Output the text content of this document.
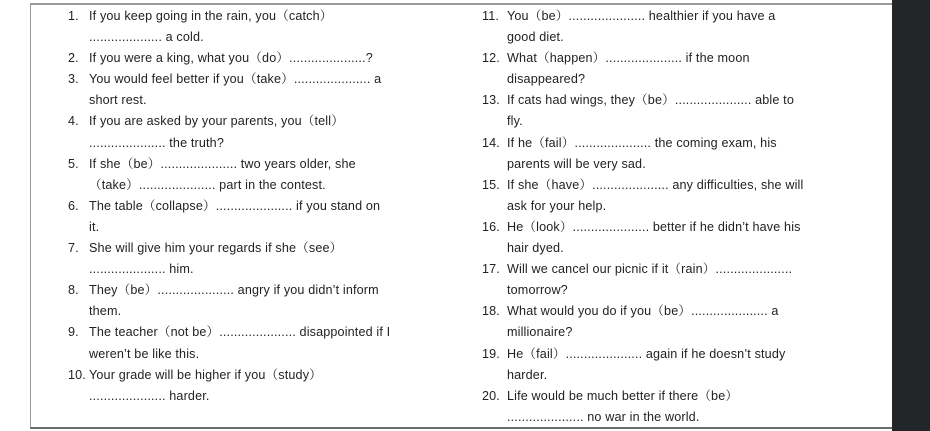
1. If you keep going in the rain, you（catch）
.................... a cold.
2. If you were a king, what you（do）.....................?
3. You would feel better if you（take）..................... a
short rest.
4. If you are asked by your parents, you（tell）
..................... the truth?
5. If she（be）..................... two years older, she
（take）..................... part in the contest.
6. The table（collapse）..................... if you stand on
it.
7. She will give him your regards if she（see）
..................... him.
8. They（be）..................... angry if you didn’t inform
them.
9. The teacher（not be）..................... disappointed if I
weren’t be like this.
10. Your grade will be higher if you（study）
..................... harder.
11. You（be）..................... healthier if you have a
good diet.
12. What（happen）..................... if the moon
disappeared?
13. If cats had wings, they（be）..................... able to
fly.
14. If he（fail）..................... the coming exam, his
parents will be very sad.
15. If she（have）..................... any difficulties, she will
ask for your help.
16. He（look）..................... better if he didn’t have his
hair dyed.
17. Will we cancel our picnic if it（rain）.....................
tomorrow?
18. What would you do if you（be）..................... a
millionaire?
19. He（fail）..................... again if he doesn’t study
harder.
20. Life would be much better if there（be）
..................... no war in the world.
